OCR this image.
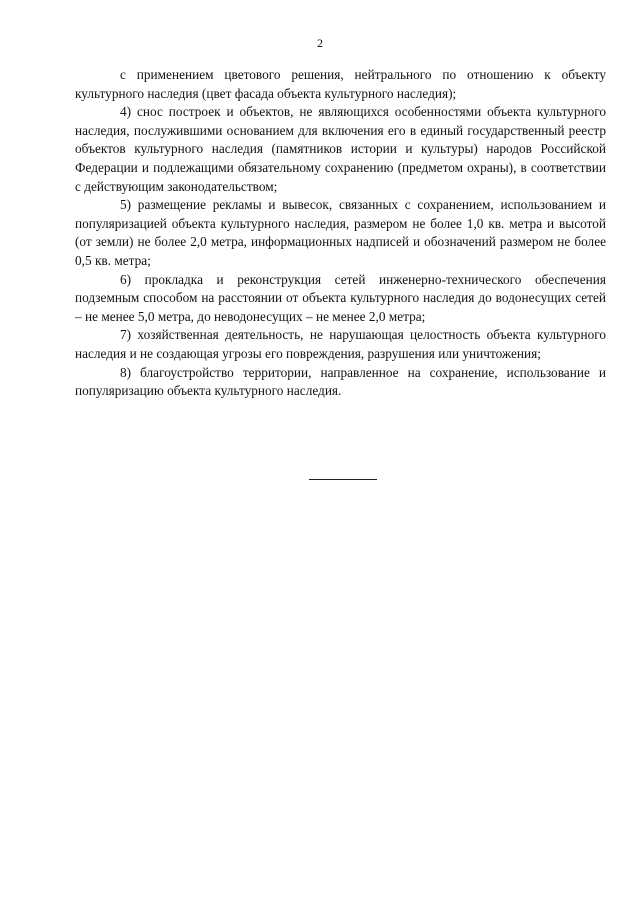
2

с применением цветового решения, нейтрального по отношению к объекту культурного наследия (цвет фасада объекта культурного наследия);

4) снос построек и объектов, не являющихся особенностями объекта культурного наследия, послужившими основанием для включения его в единый государственный реестр объектов культурного наследия (памятников истории и культуры) народов Российской Федерации и подлежащими обязательному сохранению (предметом охраны), в соответствии с действующим законодательством;

5) размещение рекламы и вывесок, связанных с сохранением, использованием и популяризацией объекта культурного наследия, размером не более 1,0 кв. метра и высотой (от земли) не более 2,0 метра, информационных надписей и обозначений размером не более 0,5 кв. метра;

6) прокладка и реконструкция сетей инженерно-технического обеспечения подземным способом на расстоянии от объекта культурного наследия до водонесущих сетей – не менее 5,0 метра, до неводонесущих – не менее 2,0 метра;

7) хозяйственная деятельность, не нарушающая целостность объекта культурного наследия и не создающая угрозы его повреждения, разрушения или уничтожения;

8) благоустройство территории, направленное на сохранение, использование и популяризацию объекта культурного наследия.
